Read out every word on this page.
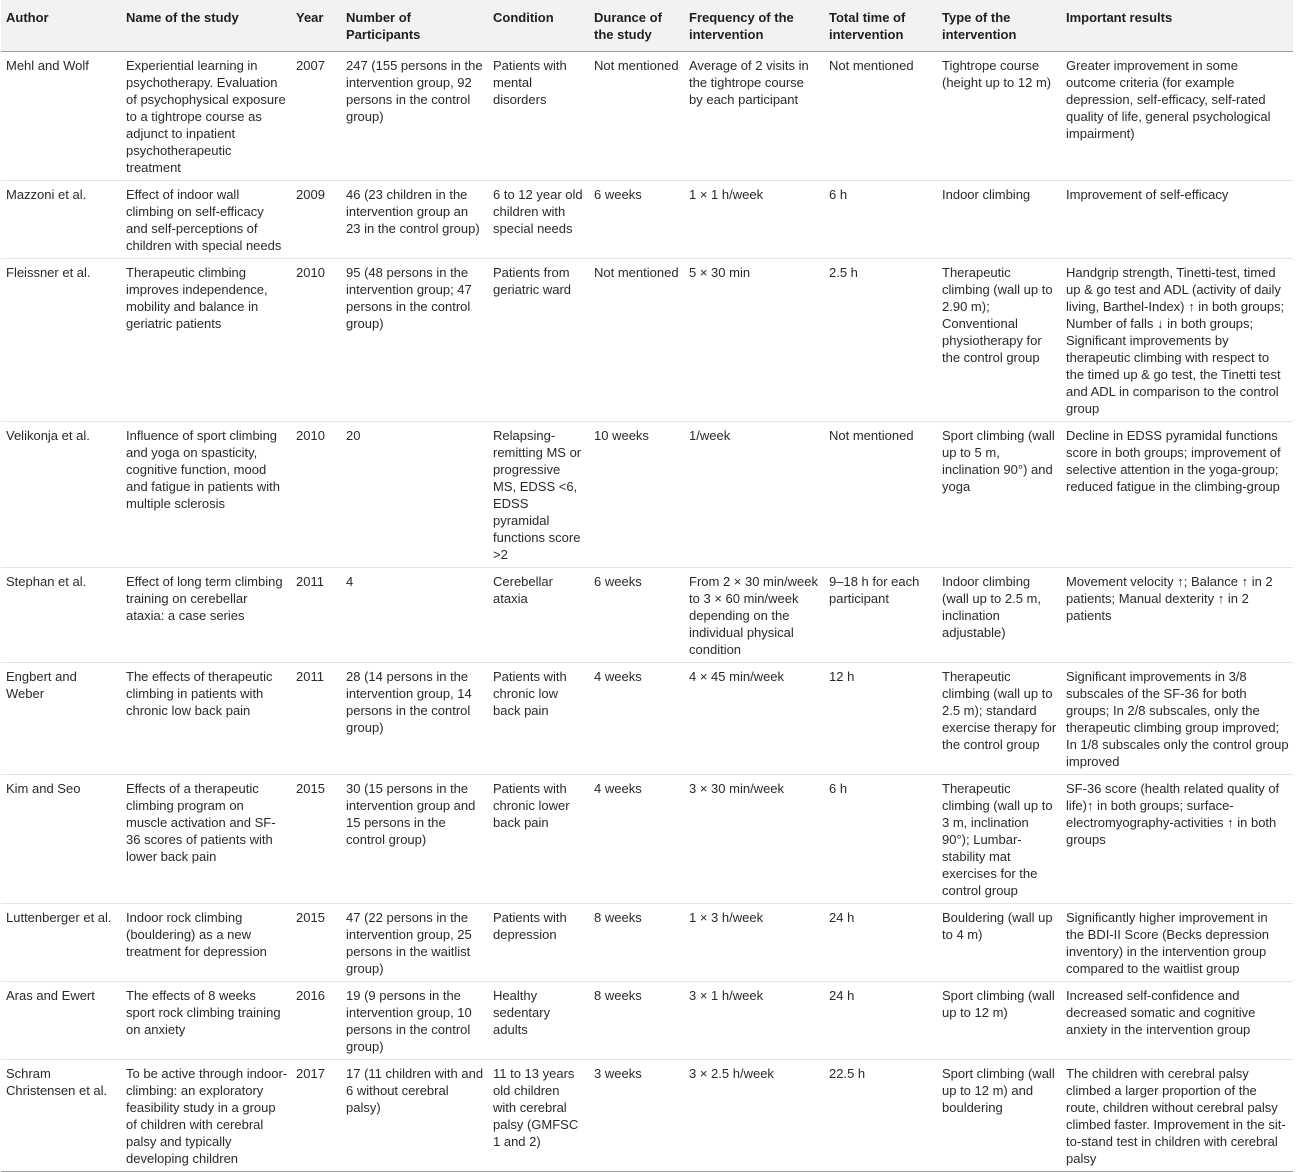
Author	Name of the study	Year	Number of Participants	Condition	Durance of the study	Frequency of the intervention	Total time of intervention	Type of the intervention	Important results
Mehl and Wolf	Experiential learning in psychotherapy. Evaluation of psychophysical exposure to a tightrope course as adjunct to inpatient psychotherapeutic treatment	2007	247 (155 persons in the intervention group, 92 persons in the control group)	Patients with mental disorders	Not mentioned	Average of 2 visits in the tightrope course by each participant	Not mentioned	Tightrope course (height up to 12 m)	Greater improvement in some outcome criteria (for example depression, self-efficacy, self-rated quality of life, general psychological impairment)
Mazzoni et al.	Effect of indoor wall climbing on self-efficacy and self-perceptions of children with special needs	2009	46 (23 children in the intervention group an 23 in the control group)	6 to 12 year old children with special needs	6 weeks	1 × 1 h/week	6 h	Indoor climbing	Improvement of self-efficacy
Fleissner et al.	Therapeutic climbing improves independence, mobility and balance in geriatric patients	2010	95 (48 persons in the intervention group; 47 persons in the control group)	Patients from geriatric ward	Not mentioned	5 × 30 min	2.5 h	Therapeutic climbing (wall up to 2.90 m); Conventional physiotherapy for the control group	Handgrip strength, Tinetti-test, timed up & go test and ADL (activity of daily living, Barthel-Index) ↑ in both groups; Number of falls ↓ in both groups; Significant improvements by therapeutic climbing with respect to the timed up & go test, the Tinetti test and ADL in comparison to the control group
Velikonja et al.	Influence of sport climbing and yoga on spasticity, cognitive function, mood and fatigue in patients with multiple sclerosis	2010	20	Relapsing-remitting MS or progressive MS, EDSS <6, EDSS pyramidal functions score >2	10 weeks	1/week	Not mentioned	Sport climbing (wall up to 5 m, inclination 90°) and yoga	Decline in EDSS pyramidal functions score in both groups; improvement of selective attention in the yoga-group; reduced fatigue in the climbing-group
Stephan et al.	Effect of long term climbing training on cerebellar ataxia: a case series	2011	4	Cerebellar ataxia	6 weeks	From 2 × 30 min/week to 3 × 60 min/week depending on the individual physical condition	9–18 h for each participant	Indoor climbing (wall up to 2.5 m, inclination adjustable)	Movement velocity ↑; Balance ↑ in 2 patients; Manual dexterity ↑ in 2 patients
Engbert and Weber	The effects of therapeutic climbing in patients with chronic low back pain	2011	28 (14 persons in the intervention group, 14 persons in the control group)	Patients with chronic low back pain	4 weeks	4 × 45 min/week	12 h	Therapeutic climbing (wall up to 2.5 m); standard exercise therapy for the control group	Significant improvements in 3/8 subscales of the SF-36 for both groups; In 2/8 subscales, only the therapeutic climbing group improved; In 1/8 subscales only the control group improved
Kim and Seo	Effects of a therapeutic climbing program on muscle activation and SF-36 scores of patients with lower back pain	2015	30 (15 persons in the intervention group and 15 persons in the control group)	Patients with chronic lower back pain	4 weeks	3 × 30 min/week	6 h	Therapeutic climbing (wall up to 3 m, inclination 90°); Lumbar-stability mat exercises for the control group	SF-36 score (health related quality of life)↑ in both groups; surface-electromyography-activities ↑ in both groups
Luttenberger et al.	Indoor rock climbing (bouldering) as a new treatment for depression	2015	47 (22 persons in the intervention group, 25 persons in the waitlist group)	Patients with depression	8 weeks	1 × 3 h/week	24 h	Bouldering (wall up to 4 m)	Significantly higher improvement in the BDI-II Score (Becks depression inventory) in the intervention group compared to the waitlist group
Aras and Ewert	The effects of 8 weeks sport rock climbing training on anxiety	2016	19 (9 persons in the intervention group, 10 persons in the control group)	Healthy sedentary adults	8 weeks	3 × 1 h/week	24 h	Sport climbing (wall up to 12 m)	Increased self-confidence and decreased somatic and cognitive anxiety in the intervention group
Schram Christensen et al.	To be active through indoor-climbing: an exploratory feasibility study in a group of children with cerebral palsy and typically developing children	2017	17 (11 children with and 6 without cerebral palsy)	11 to 13 years old children with cerebral palsy (GMFSC 1 and 2)	3 weeks	3 × 2.5 h/week	22.5 h	Sport climbing (wall up to 12 m) and bouldering	The children with cerebral palsy climbed a larger proportion of the route, children without cerebral palsy climbed faster. Improvement in the sit-to-stand test in children with cerebral palsy
